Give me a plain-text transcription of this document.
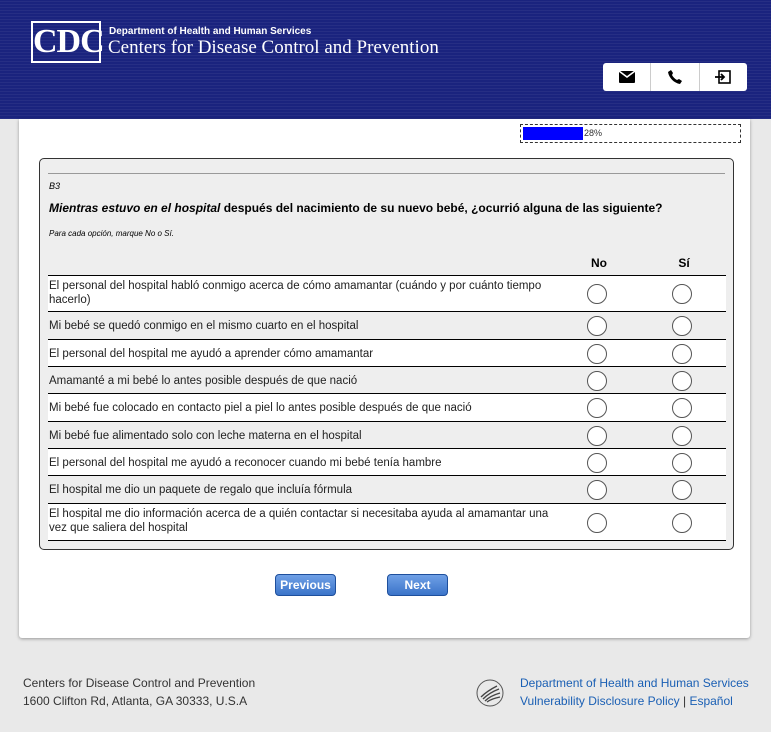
CDC Department of Health and Human Services
Centers for Disease Control and Prevention
28%
B3
Mientras estuvo en el hospital después del nacimiento de su nuevo bebé, ¿ocurrió alguna de las siguiente?
Para cada opción, marque No o Sí.
No	Sí
El personal del hospital habló conmigo acerca de cómo amamantar (cuándo y por cuánto tiempo hacerlo)
Mi bebé se quedó conmigo en el mismo cuarto en el hospital
El personal del hospital me ayudó a aprender cómo amamantar
Amamanté a mi bebé lo antes posible después de que nació
Mi bebé fue colocado en contacto piel a piel lo antes posible después de que nació
Mi bebé fue alimentado solo con leche materna en el hospital
El personal del hospital me ayudó a reconocer cuando mi bebé tenía hambre
El hospital me dio un paquete de regalo que incluía fórmula
El hospital me dio información acerca de a quién contactar si necesitaba ayuda al amamantar una vez que saliera del hospital
Previous	Next
Centers for Disease Control and Prevention
1600 Clifton Rd, Atlanta, GA 30333, U.S.A
Department of Health and Human Services
Vulnerability Disclosure Policy | Español
